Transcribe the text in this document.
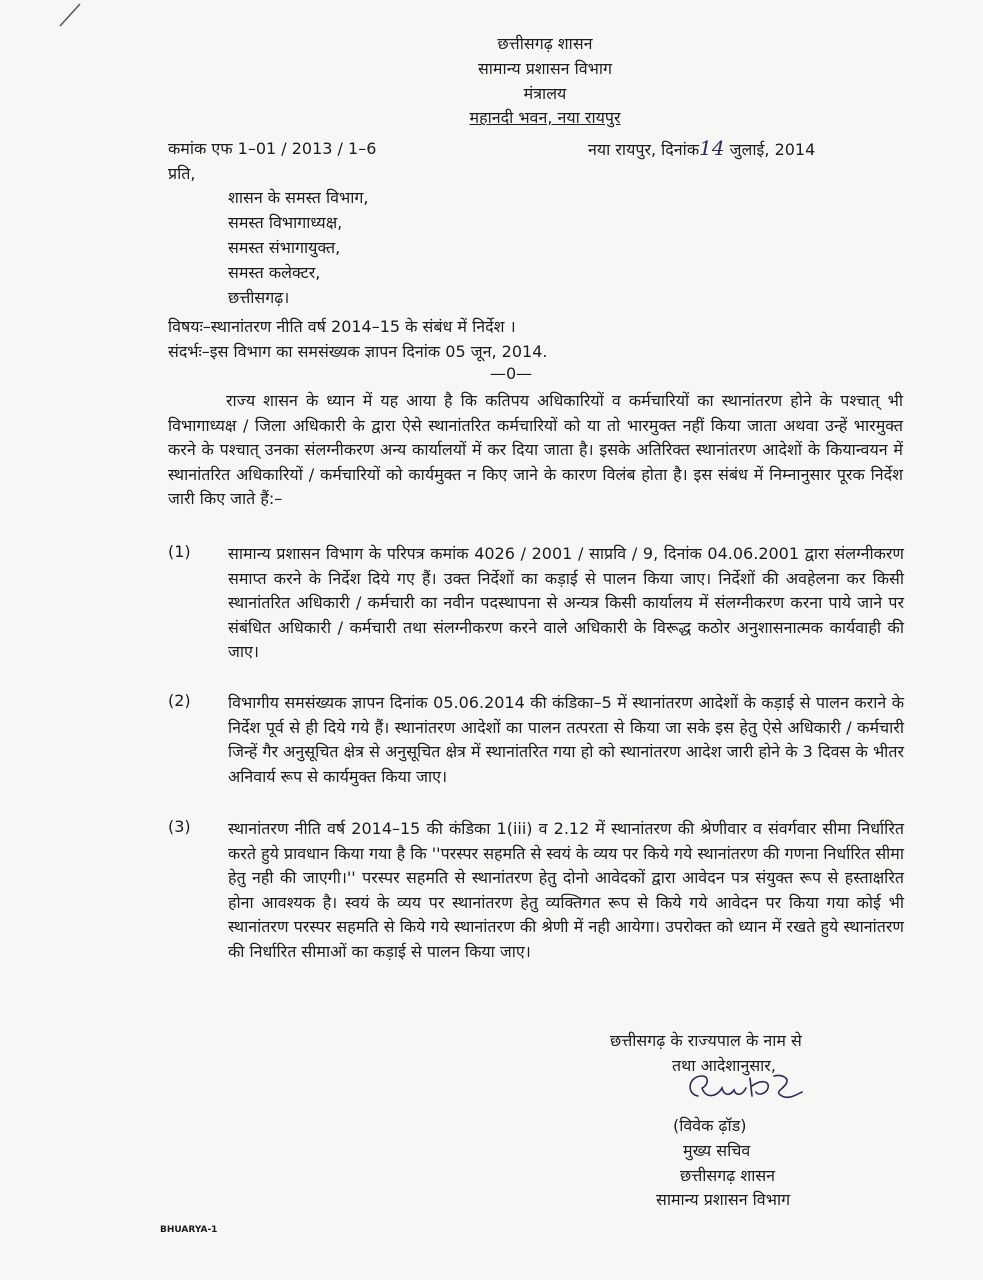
छत्तीसगढ़ शासन
सामान्य प्रशासन विभाग
मंत्रालय
महानदी भवन, नया रायपुर
कमांक एफ 1–01 / 2013 / 1–6	नया रायपुर, दिनांक14 जुलाई, 2014
प्रति,
शासन के समस्त विभाग,
समस्त विभागाध्यक्ष,
समस्त संभागायुक्त,
समस्त कलेक्टर,
छत्तीसगढ़।
विषयः–स्थानांतरण नीति वर्ष 2014–15 के संबंध में निर्देश ।
संदर्भः–इस विभाग का समसंख्यक ज्ञापन दिनांक 05 जून, 2014.
—0—
राज्य शासन के ध्यान में यह आया है कि कतिपय अधिकारियों व कर्मचारियों का स्थानांतरण होने के पश्चात् भी विभागाध्यक्ष / जिला अधिकारी के द्वारा ऐसे स्थानांतरित कर्मचारियों को या तो भारमुक्त नहीं किया जाता अथवा उन्हें भारमुक्त करने के पश्चात् उनका संलग्नीकरण अन्य कार्यालयों में कर दिया जाता है। इसके अतिरिक्त स्थानांतरण आदेशों के कियान्वयन में स्थानांतरित अधिकारियों / कर्मचारियों को कार्यमुक्त न किए जाने के कारण विलंब होता है। इस संबंध में निम्नानुसार पूरक निर्देश जारी किए जाते हैं:–
(1) सामान्य प्रशासन विभाग के परिपत्र कमांक 4026 / 2001 / साप्रवि / 9, दिनांक 04.06.2001 द्वारा संलग्नीकरण समाप्त करने के निर्देश दिये गए हैं। उक्त निर्देशों का कड़ाई से पालन किया जाए। निर्देशों की अवहेलना कर किसी स्थानांतरित अधिकारी / कर्मचारी का नवीन पदस्थापना से अन्यत्र किसी कार्यालय में संलग्नीकरण करना पाये जाने पर संबंधित अधिकारी / कर्मचारी तथा संलग्नीकरण करने वाले अधिकारी के विरूद्ध कठोर अनुशासनात्मक कार्यवाही की जाए।
(2) विभागीय समसंख्यक ज्ञापन दिनांक 05.06.2014 की कंडिका–5 में स्थानांतरण आदेशों के कड़ाई से पालन कराने के निर्देश पूर्व से ही दिये गये हैं। स्थानांतरण आदेशों का पालन तत्परता से किया जा सके इस हेतु ऐसे अधिकारी / कर्मचारी जिन्हें गैर अनुसूचित क्षेत्र से अनुसूचित क्षेत्र में स्थानांतरित गया हो को स्थानांतरण आदेश जारी होने के 3 दिवस के भीतर अनिवार्य रूप से कार्यमुक्त किया जाए।
(3) स्थानांतरण नीति वर्ष 2014–15 की कंडिका 1(iii) व 2.12 में स्थानांतरण की श्रेणीवार व संवर्गवार सीमा निर्धारित करते हुये प्रावधान किया गया है कि ''परस्पर सहमति से स्वयं के व्यय पर किये गये स्थानांतरण की गणना निर्धारित सीमा हेतु नही की जाएगी।'' परस्पर सहमति से स्थानांतरण हेतु दोनो आवेदकों द्वारा आवेदन पत्र संयुक्त रूप से हस्ताक्षरित होना आवश्यक है। स्वयं के व्यय पर स्थानांतरण हेतु व्यक्तिगत रूप से किये गये आवेदन पर किया गया कोई भी स्थानांतरण परस्पर सहमति से किये गये स्थानांतरण की श्रेणी में नही आयेगा। उपरोक्त को ध्यान में रखते हुये स्थानांतरण की निर्धारित सीमाओं का कड़ाई से पालन किया जाए।
छत्तीसगढ़ के राज्यपाल के नाम से
तथा आदेशानुसार,
(विवेक ढ़ॉड)
मुख्य सचिव
छत्तीसगढ़ शासन
सामान्य प्रशासन विभाग
BHUARYA-1
